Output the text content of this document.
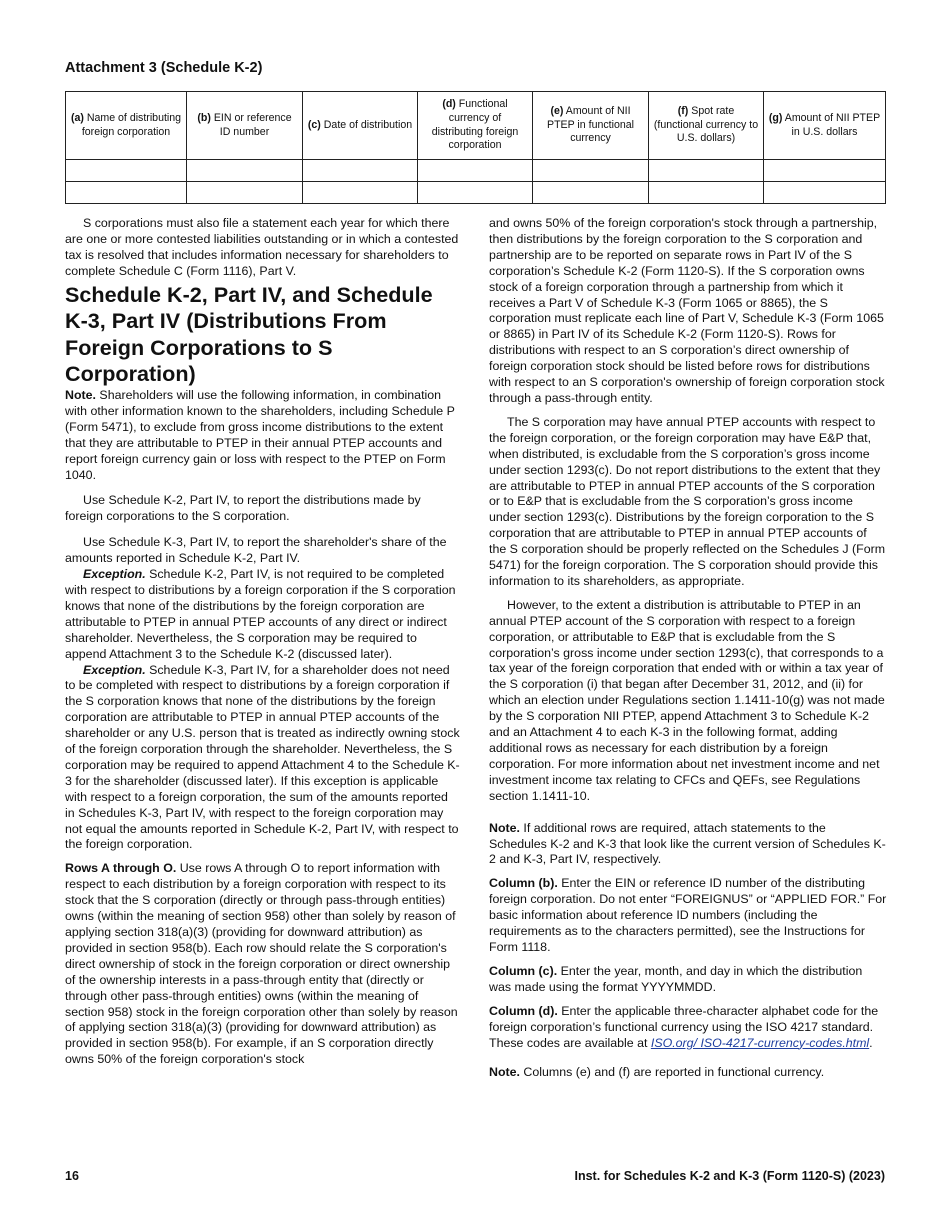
Attachment 3 (Schedule K-2)
(a) Name of distributing foreign corporation	(b) EIN or reference ID number	(c) Date of distribution	(d) Functional currency of distributing foreign corporation	(e) Amount of NII PTEP in functional currency	(f) Spot rate (functional currency to U.S. dollars)	(g) Amount of NII PTEP in U.S. dollars

S corporations must also file a statement each year for which there are one or more contested liabilities outstanding or in which a contested tax is resolved that includes information necessary for shareholders to complete Schedule C (Form 1116), Part V.

Schedule K-2, Part IV, and Schedule K-3, Part IV (Distributions From Foreign Corporations to S Corporation)

Note. Shareholders will use the following information, in combination with other information known to the shareholders, including Schedule P (Form 5471), to exclude from gross income distributions to the extent that they are attributable to PTEP in their annual PTEP accounts and report foreign currency gain or loss with respect to the PTEP on Form 1040.

Use Schedule K-2, Part IV, to report the distributions made by foreign corporations to the S corporation.

Use Schedule K-3, Part IV, to report the shareholder's share of the amounts reported in Schedule K-2, Part IV.

Exception. Schedule K-2, Part IV, is not required to be completed with respect to distributions by a foreign corporation if the S corporation knows that none of the distributions by the foreign corporation are attributable to PTEP in annual PTEP accounts of any direct or indirect shareholder. Nevertheless, the S corporation may be required to append Attachment 3 to the Schedule K-2 (discussed later).

Exception. Schedule K-3, Part IV, for a shareholder does not need to be completed with respect to distributions by a foreign corporation if the S corporation knows that none of the distributions by the foreign corporation are attributable to PTEP in annual PTEP accounts of the shareholder or any U.S. person that is treated as indirectly owning stock of the foreign corporation through the shareholder. Nevertheless, the S corporation may be required to append Attachment 4 to the Schedule K-3 for the shareholder (discussed later). If this exception is applicable with respect to a foreign corporation, the sum of the amounts reported in Schedules K-3, Part IV, with respect to the foreign corporation may not equal the amounts reported in Schedule K-2, Part IV, with respect to the foreign corporation.

Rows A through O. Use rows A through O to report information with respect to each distribution by a foreign corporation with respect to its stock that the S corporation (directly or through pass-through entities) owns (within the meaning of section 958) other than solely by reason of applying section 318(a)(3) (providing for downward attribution) as provided in section 958(b). Each row should relate the S corporation's direct ownership of stock in the foreign corporation or direct ownership of the ownership interests in a pass-through entity that (directly or through other pass-through entities) owns (within the meaning of section 958) stock in the foreign corporation other than solely by reason of applying section 318(a)(3) (providing for downward attribution) as provided in section 958(b). For example, if an S corporation directly owns 50% of the foreign corporation's stock

and owns 50% of the foreign corporation's stock through a partnership, then distributions by the foreign corporation to the S corporation and partnership are to be reported on separate rows in Part IV of the S corporation’s Schedule K-2 (Form 1120-S). If the S corporation owns stock of a foreign corporation through a partnership from which it receives a Part V of Schedule K-3 (Form 1065 or 8865), the S corporation must replicate each line of Part V, Schedule K-3 (Form 1065 or 8865) in Part IV of its Schedule K-2 (Form 1120-S). Rows for distributions with respect to an S corporation’s direct ownership of foreign corporation stock should be listed before rows for distributions with respect to an S corporation's ownership of foreign corporation stock through a pass-through entity.

The S corporation may have annual PTEP accounts with respect to the foreign corporation, or the foreign corporation may have E&P that, when distributed, is excludable from the S corporation’s gross income under section 1293(c). Do not report distributions to the extent that they are attributable to PTEP in annual PTEP accounts of the S corporation or to E&P that is excludable from the S corporation’s gross income under section 1293(c). Distributions by the foreign corporation to the S corporation that are attributable to PTEP in annual PTEP accounts of the S corporation should be properly reflected on the Schedules J (Form 5471) for the foreign corporation. The S corporation should provide this information to its shareholders, as appropriate.

However, to the extent a distribution is attributable to PTEP in an annual PTEP account of the S corporation with respect to a foreign corporation, or attributable to E&P that is excludable from the S corporation’s gross income under section 1293(c), that corresponds to a tax year of the foreign corporation that ended with or within a tax year of the S corporation (i) that began after December 31, 2012, and (ii) for which an election under Regulations section 1.1411-10(g) was not made by the S corporation NII PTEP, append Attachment 3 to Schedule K-2 and an Attachment 4 to each K-3 in the following format, adding additional rows as necessary for each distribution by a foreign corporation. For more information about net investment income and net investment income tax relating to CFCs and QEFs, see Regulations section 1.1411-10.

Note. If additional rows are required, attach statements to the Schedules K-2 and K-3 that look like the current version of Schedules K-2 and K-3, Part IV, respectively.

Column (b). Enter the EIN or reference ID number of the distributing foreign corporation. Do not enter “FOREIGNUS” or “APPLIED FOR.” For basic information about reference ID numbers (including the requirements as to the characters permitted), see the Instructions for Form 1118.

Column (c). Enter the year, month, and day in which the distribution was made using the format YYYYMMDD.

Column (d). Enter the applicable three-character alphabet code for the foreign corporation’s functional currency using the ISO 4217 standard. These codes are available at ISO.org/ ISO-4217-currency-codes.html.

Note. Columns (e) and (f) are reported in functional currency.

16	Inst. for Schedules K-2 and K-3 (Form 1120-S) (2023)
